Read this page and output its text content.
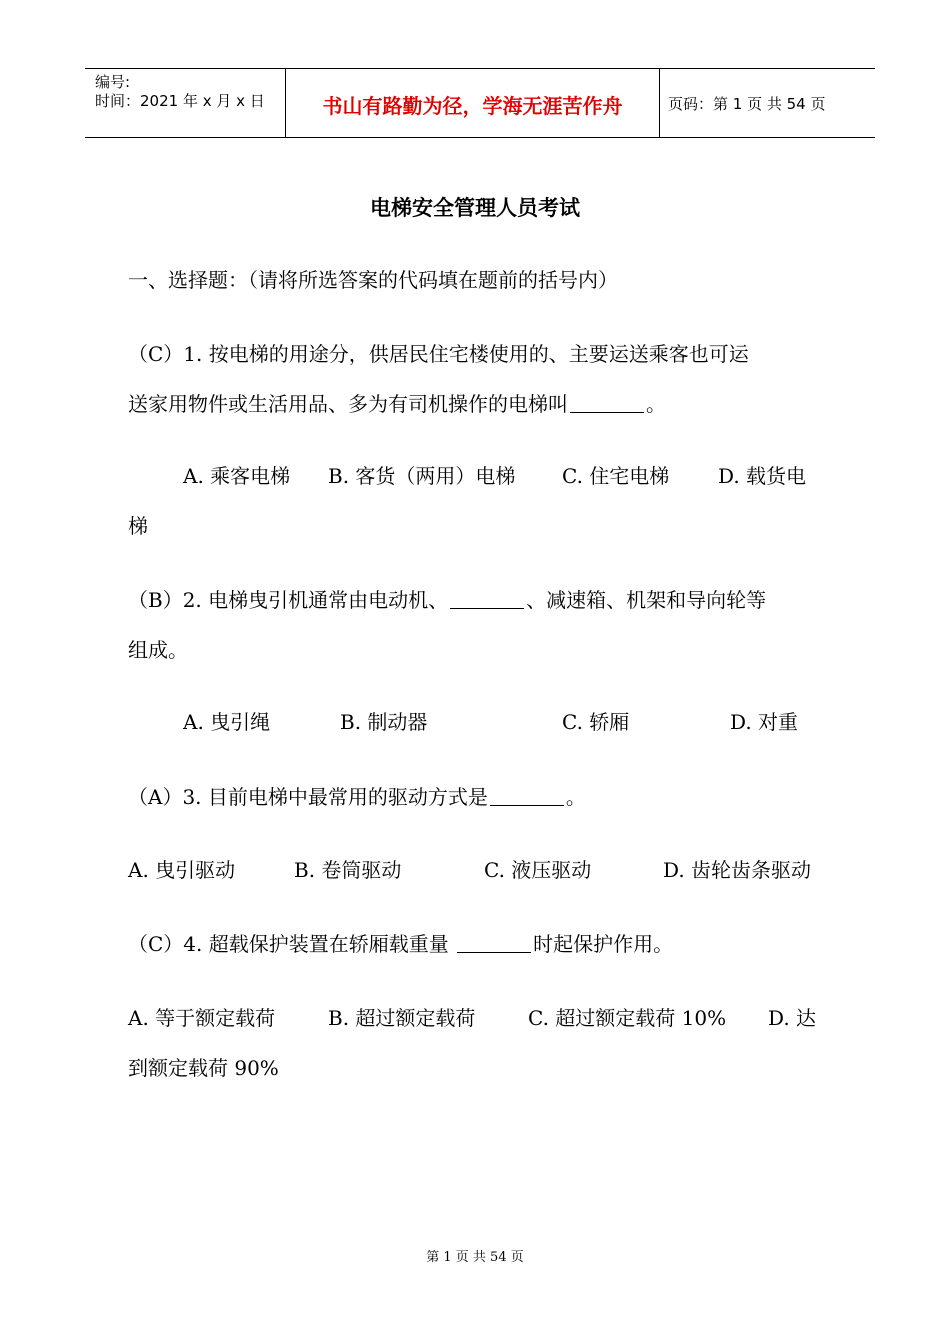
编号:
时间：2021 年 x 月 x 日	书山有路勤为径，学海无涯苦作舟	页码：第 1 页 共 54 页
电梯安全管理人员考试
一、选择题：（请将所选答案的代码填在题前的括号内）
（C）1. 按电梯的用途分，供居民住宅楼使用的、主要运送乘客也可运
送家用物件或生活用品、多为有司机操作的电梯叫	。
A. 乘客电梯 B. 客货（两用）电梯 C. 住宅电梯 D. 载货电
梯
（B）2. 电梯曳引机通常由电动机、	、减速箱、机架和导向轮等
组成。
A. 曳引绳	B. 制动器	C. 轿厢	D. 对重
（A）3. 目前电梯中最常用的驱动方式是	。
A. 曳引驱动	B. 卷筒驱动	C. 液压驱动	D. 齿轮齿条驱动
（C）4. 超载保护装置在轿厢载重量	时起保护作用。
A. 等于额定载荷	B. 超过额定载荷	C. 超过额定载荷 10% D. 达
到额定载荷 90%
第 1 页 共 54 页
